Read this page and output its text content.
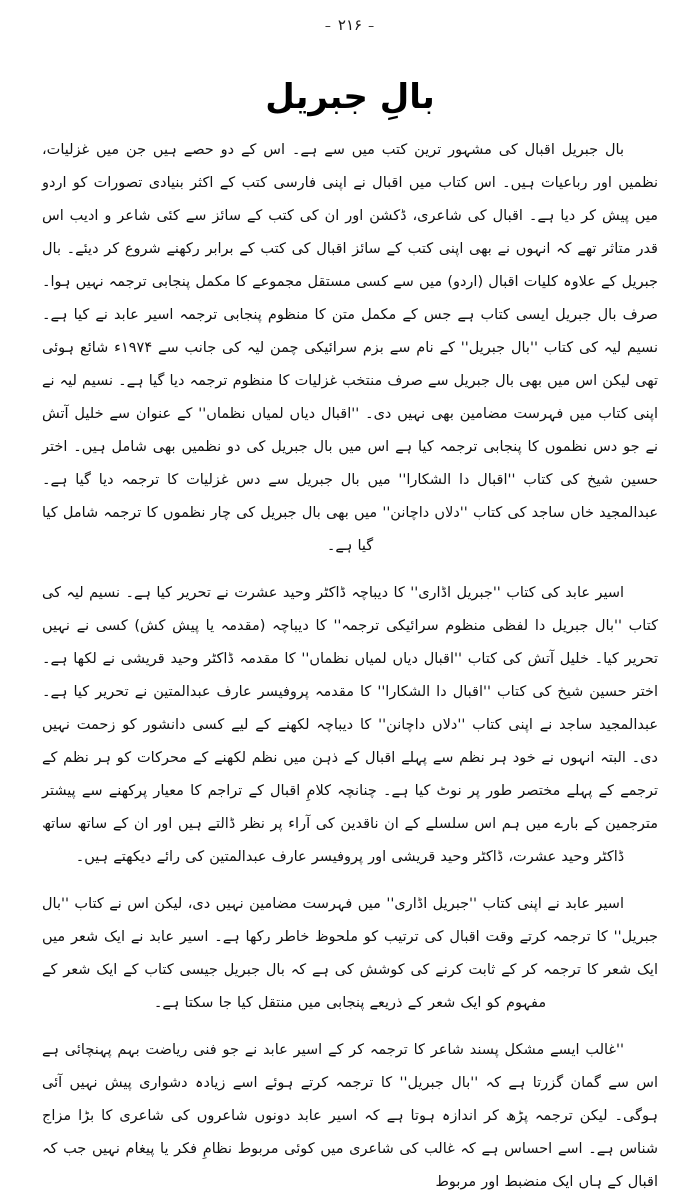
–۲۱۶–
بالِ جبریل

بال جبریل اقبال کی مشہور ترین کتب میں سے ہے۔ اس کے دو حصے ہیں جن میں غزلیات، نظمیں اور رباعیات ہیں۔ اس کتاب میں اقبال نے اپنی فارسی کتب کے اکثر بنیادی تصورات کو اردو میں پیش کر دیا ہے۔ اقبال کی شاعری، ڈکشن اور ان کی کتب کے سائز سے کئی شاعر و ادیب اس قدر متاثر تھے کہ انہوں نے بھی اپنی کتب کے سائز اقبال کی کتب کے برابر رکھنے شروع کر دیئے۔ بال جبریل کے علاوہ کلیات اقبال (اردو) میں سے کسی مستقل مجموعے کا مکمل پنجابی ترجمہ نہیں ہوا۔ صرف بال جبریل ایسی کتاب ہے جس کے مکمل متن کا منظوم پنجابی ترجمہ اسیر عابد نے کیا ہے۔ نسیم لیہ کی کتاب ''بال جبریل'' کے نام سے بزم سرائیکی چمن لیہ کی جانب سے ۱۹۷۴ء شائع ہوئی تھی لیکن اس میں بھی بال جبریل سے صرف منتخب غزلیات کا منظوم ترجمہ دیا گیا ہے۔ نسیم لیہ نے اپنی کتاب میں فہرست مضامین بھی نہیں دی۔ ''اقبال دیاں لمیاں نظماں'' کے عنوان سے خلیل آتش نے جو دس نظموں کا پنجابی ترجمہ کیا ہے اس میں بال جبریل کی دو نظمیں بھی شامل ہیں۔ اختر حسین شیخ کی کتاب ''اقبال دا الشکارا'' میں بال جبریل سے دس غزلیات کا ترجمہ دیا گیا ہے۔ عبدالمجید خاں ساجد کی کتاب ''دلاں داچانن'' میں بھی بال جبریل کی چار نظموں کا ترجمہ شامل کیا گیا ہے۔

اسیر عابد کی کتاب ''جبریل اڈاری'' کا دیباچہ ڈاکٹر وحید عشرت نے تحریر کیا ہے۔ نسیم لیہ کی کتاب ''بال جبریل دا لفظی منظوم سرائیکی ترجمہ'' کا دیباچہ (مقدمہ یا پیش کش) کسی نے نہیں تحریر کیا۔ خلیل آتش کی کتاب ''اقبال دیاں لمیاں نظماں'' کا مقدمہ ڈاکٹر وحید قریشی نے لکھا ہے۔ اختر حسین شیخ کی کتاب ''اقبال دا الشکارا'' کا مقدمہ پروفیسر عارف عبدالمتین نے تحریر کیا ہے۔ عبدالمجید ساجد نے اپنی کتاب ''دلاں داچانن'' کا دیباچہ لکھنے کے لیے کسی دانشور کو زحمت نہیں دی۔ البتہ انہوں نے خود ہر نظم سے پہلے اقبال کے ذہن میں نظم لکھنے کے محرکات کو ہر نظم کے ترجمے کے پہلے مختصر طور پر نوٹ کیا ہے۔ چنانچہ کلامِ اقبال کے تراجم کا معیار پرکھنے سے پیشتر مترجمین کے بارے میں ہم اس سلسلے کے ان ناقدین کی آراء پر نظر ڈالتے ہیں اور ان کے ساتھ ساتھ ڈاکٹر وحید عشرت، ڈاکٹر وحید قریشی اور پروفیسر عارف عبدالمتین کی رائے دیکھتے ہیں۔

اسیر عابد نے اپنی کتاب ''جبریل اڈاری'' میں فہرست مضامین نہیں دی، لیکن اس نے کتاب ''بال جبریل'' کا ترجمہ کرتے وقت اقبال کی ترتیب کو ملحوظ خاطر رکھا ہے۔ اسیر عابد نے ایک شعر میں ایک شعر کا ترجمہ کر کے ثابت کرنے کی کوشش کی ہے کہ بال جبریل جیسی کتاب کے ایک شعر کے مفہوم کو ایک شعر کے ذریعے پنجابی میں منتقل کیا جا سکتا ہے۔

''غالب ایسے مشکل پسند شاعر کا ترجمہ کر کے اسیر عابد نے جو فنی ریاضت بہم پہنچائی ہے اس سے گمان گزرتا ہے کہ ''بال جبریل'' کا ترجمہ کرتے ہوئے اسے زیادہ دشواری پیش نہیں آئی ہوگی۔ لیکن ترجمہ پڑھ کر اندازہ ہوتا ہے کہ اسیر عابد دونوں شاعروں کی شاعری کا بڑا مزاج شناس ہے۔ اسے احساس ہے کہ غالب کی شاعری میں کوئی مربوط نظامِ فکر یا پیغام نہیں جب کہ اقبال کے ہاں ایک منضبط اور مربوط
